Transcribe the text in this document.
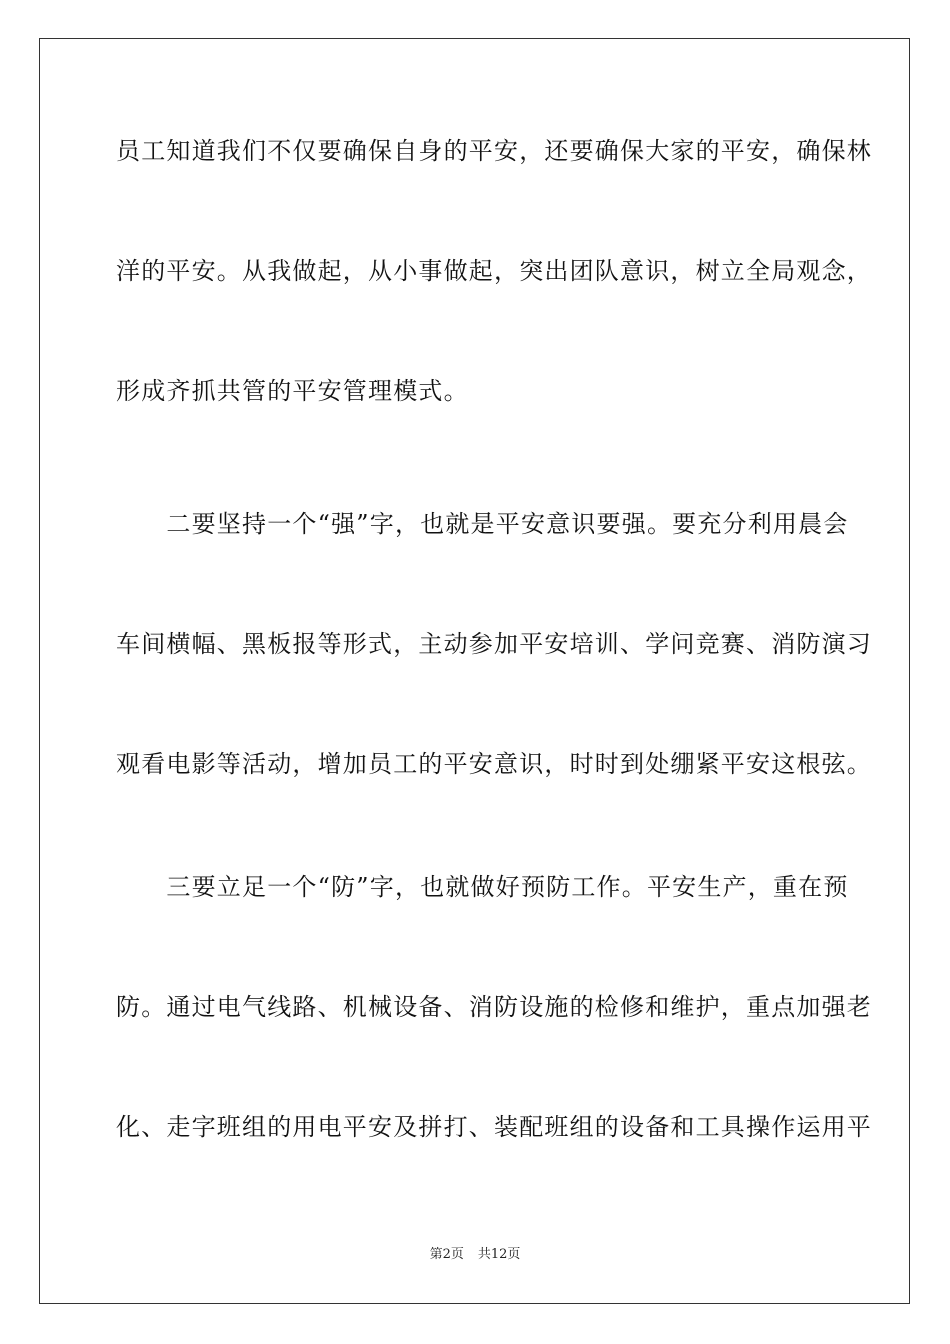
员工知道我们不仅要确保自身的平安，还要确保大家的平安，确保林
洋的平安。从我做起，从小事做起，突出团队意识，树立全局观念，
形成齐抓共管的平安管理模式。
　　二要坚持一个“强”字，也就是平安意识要强。要充分利用晨会
车间横幅、黑板报等形式，主动参加平安培训、学问竞赛、消防演习
观看电影等活动，增加员工的平安意识，时时到处绷紧平安这根弦。
　　三要立足一个“防”字，也就做好预防工作。平安生产，重在预
防。通过电气线路、机械设备、消防设施的检修和维护，重点加强老
化、走字班组的用电平安及拼打、装配班组的设备和工具操作运用平
第2页 共12页
